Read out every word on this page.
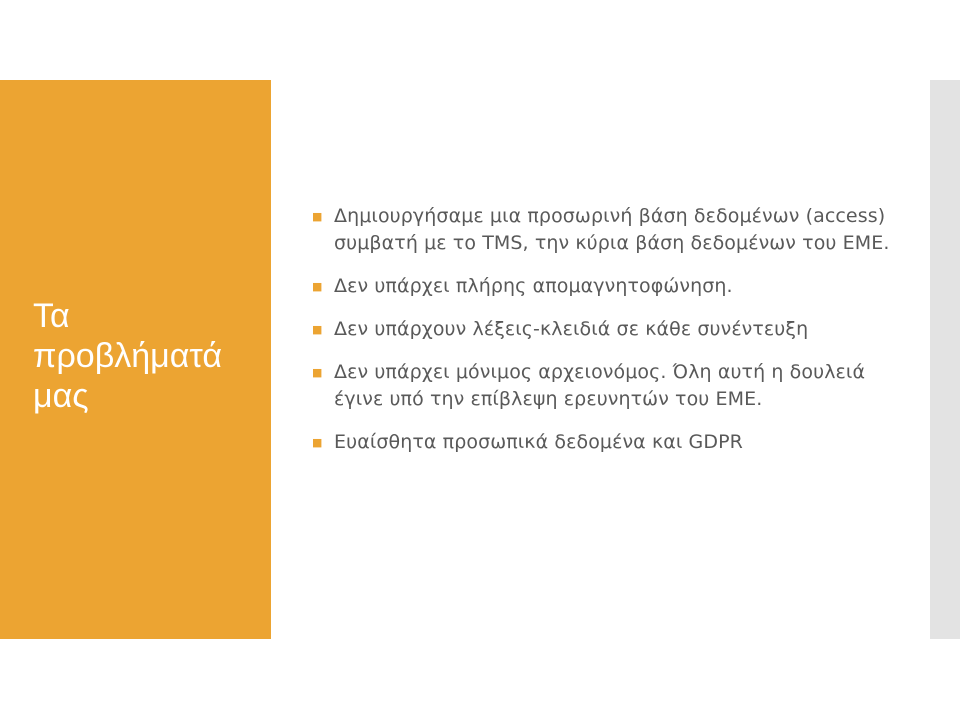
Τα προβλήματά μας
■ Δημιουργήσαμε μια προσωρινή βάση δεδομένων (access) συμβατή με το TMS, την κύρια βάση δεδομένων του ΕΜΕ.
■ Δεν υπάρχει πλήρης απομαγνητοφώνηση.
■ Δεν υπάρχουν λέξεις-κλειδιά σε κάθε συνέντευξη
■ Δεν υπάρχει μόνιμος αρχειονόμος. Όλη αυτή η δουλειά έγινε υπό την επίβλεψη ερευνητών του ΕΜΕ.
■ Ευαίσθητα προσωπικά δεδομένα και GDPR
